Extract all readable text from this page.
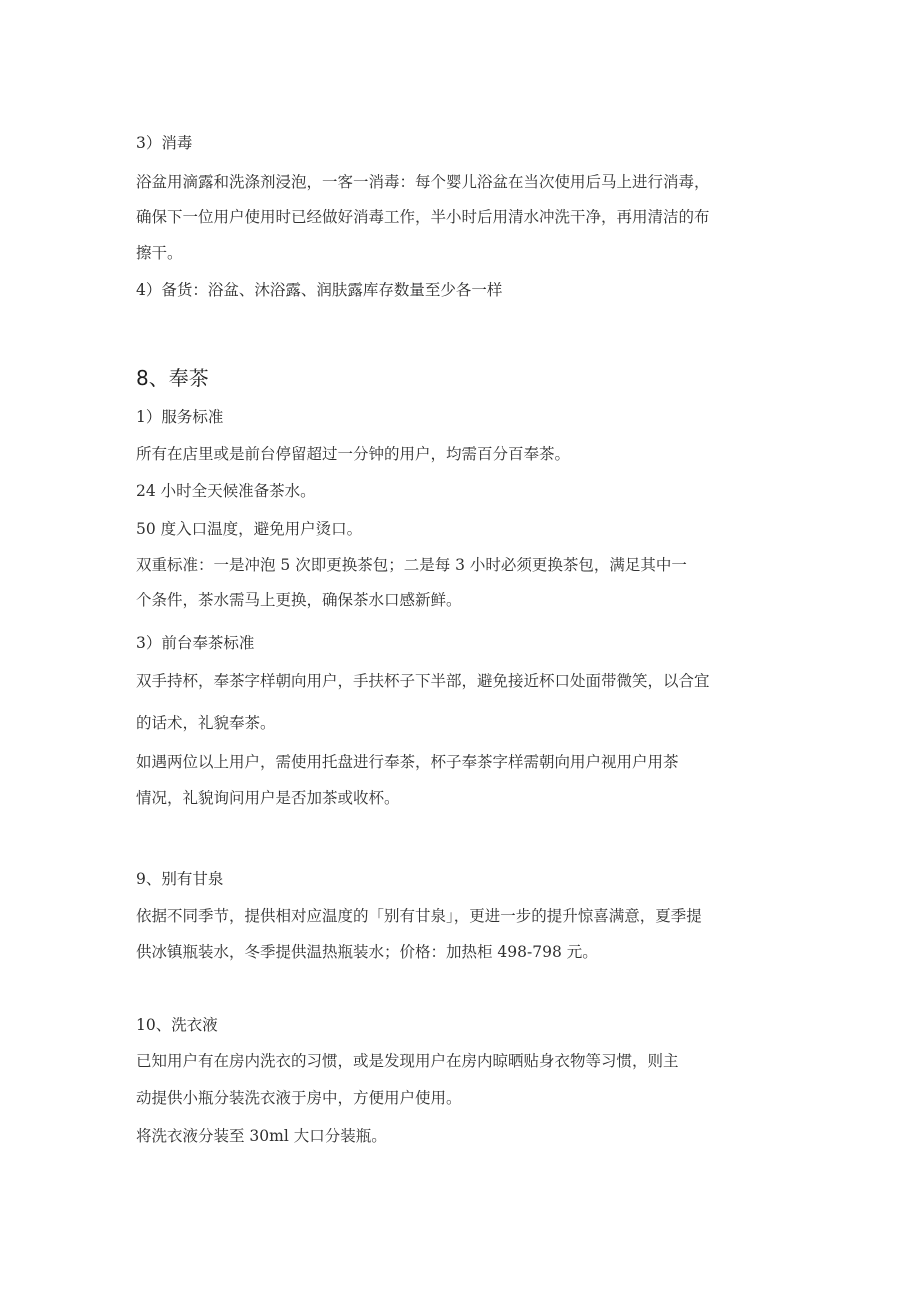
3）消毒
浴盆用滴露和洗涤剂浸泡，一客一消毒：每个婴儿浴盆在当次使用后马上进行消毒，
确保下一位用户使用时已经做好消毒工作，半小时后用清水冲洗干净，再用清洁的布
擦干。
4）备货：浴盆、沐浴露、润肤露库存数量至少各一样
8、奉茶
1）服务标准
所有在店里或是前台停留超过一分钟的用户，均需百分百奉茶。
24 小时全天候准备茶水。
50 度入口温度，避免用户烫口。
双重标准：一是冲泡 5 次即更换茶包；二是每 3 小时必须更换茶包，满足其中一
个条件，茶水需马上更换，确保茶水口感新鲜。
3）前台奉茶标准
双手持杯，奉茶字样朝向用户，手扶杯子下半部，避免接近杯口处面带微笑，以合宜
的话术，礼貌奉茶。
如遇两位以上用户，需使用托盘进行奉茶，杯子奉茶字样需朝向用户视用户用茶
情况，礼貌询问用户是否加茶或收杯。
9、别有甘泉
依据不同季节，提供相对应温度的「别有甘泉」，更进一步的提升惊喜满意，夏季提
供冰镇瓶装水，冬季提供温热瓶装水；价格：加热柜 498-798 元。
10、洗衣液
已知用户有在房内洗衣的习惯，或是发现用户在房内晾晒贴身衣物等习惯，则主
动提供小瓶分装洗衣液于房中，方便用户使用。
将洗衣液分装至 30ml 大口分装瓶。
